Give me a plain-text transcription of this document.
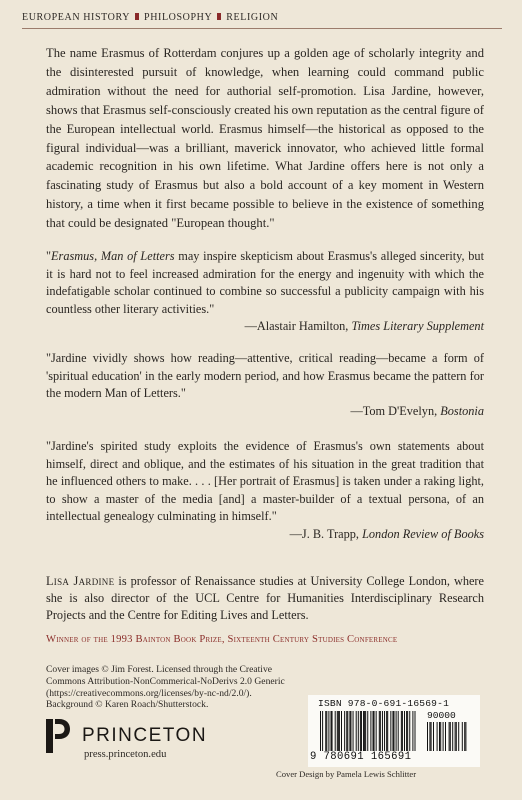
EUROPEAN HISTORY PHILOSOPHY RELIGION

The name Erasmus of Rotterdam conjures up a golden age of scholarly integrity and the disinterested pursuit of knowledge, when learning could command public admiration without the need for authorial self-promotion. Lisa Jardine, however, shows that Erasmus self-consciously created his own reputation as the central figure of the European intellectual world. Erasmus himself—the historical as opposed to the figural individual—was a brilliant, maverick innovator, who achieved little formal academic recognition in his own lifetime. What Jardine offers here is not only a fascinating study of Erasmus but also a bold account of a key moment in Western history, a time when it first became possible to believe in the existence of something that could be designated "European thought."

"Erasmus, Man of Letters may inspire skepticism about Erasmus's alleged sincerity, but it is hard not to feel increased admiration for the energy and ingenuity with which the indefatigable scholar continued to combine so successful a publicity campaign with his countless other literary activities."

—Alastair Hamilton, Times Literary Supplement

"Jardine vividly shows how reading—attentive, critical reading—became a form of 'spiritual education' in the early modern period, and how Erasmus became the pattern for the modern Man of Letters."

—Tom D'Evelyn, Bostonia

"Jardine's spirited study exploits the evidence of Erasmus's own statements about himself, direct and oblique, and the estimates of his situation in the great tradition that he influenced others to make. . . . [Her portrait of Erasmus] is taken under a raking light, to show a master of the media [and] a master-builder of a textual persona, of an intellectual genealogy culminating in himself."

—J. B. Trapp, London Review of Books

Lisa Jardine is professor of Renaissance studies at University College London, where she is also director of the UCL Centre for Humanities Interdisciplinary Research Projects and the Centre for Editing Lives and Letters.

Winner of the 1993 Bainton Book Prize, Sixteenth Century Studies Conference
Cover images © Jim Forest. Licensed through the Creative
Commons Attribution-NonCommerical-NoDerivs 2.0 Generic
(https://creativecommons.org/licenses/by-nc-nd/2.0/).
Background © Karen Roach/Shutterstock.
PRINCETON
press.princeton.edu
ISBN 978-0-691-16569-1
90000
9 780691 165691
Cover Design by Pamela Lewis Schlitter
